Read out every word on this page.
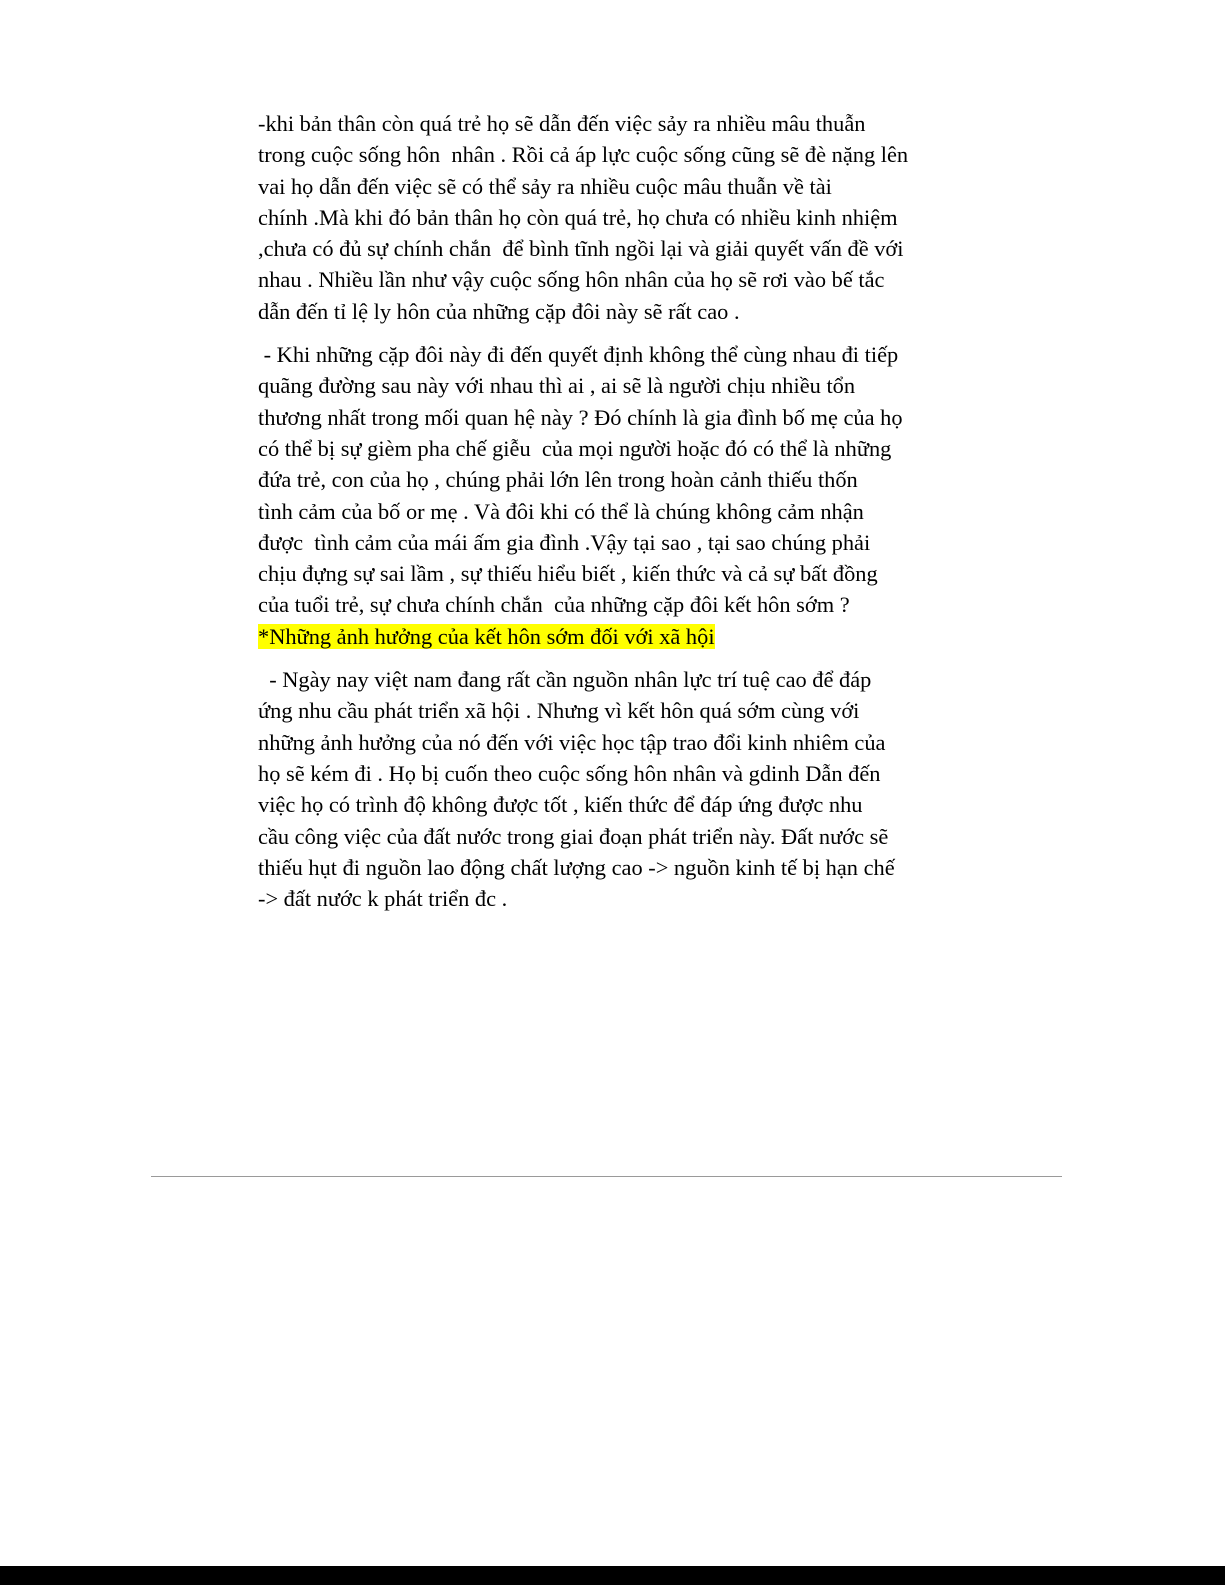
-khi bản thân còn quá trẻ họ sẽ dẫn đến việc sảy ra nhiều mâu thuẫn
trong cuộc sống hôn  nhân . Rồi cả áp lực cuộc sống cũng sẽ đè nặng lên
vai họ dẫn đến việc sẽ có thể sảy ra nhiều cuộc mâu thuẫn về tài
chính .Mà khi đó bản thân họ còn quá trẻ, họ chưa có nhiều kinh nhiệm
,chưa có đủ sự chính chắn  để bình tĩnh ngồi lại và giải quyết vấn đề với
nhau . Nhiều lần như vậy cuộc sống hôn nhân của họ sẽ rơi vào bế tắc
dẫn đến tỉ lệ ly hôn của những cặp đôi này sẽ rất cao .
- Khi những cặp đôi này đi đến quyết định không thể cùng nhau đi tiếp
quãng đường sau này với nhau thì ai , ai sẽ là người chịu nhiều tổn
thương nhất trong mối quan hệ này ? Đó chính là gia đình bố mẹ của họ
có thể bị sự gièm pha chế giễu  của mọi người hoặc đó có thể là những
đứa trẻ, con của họ , chúng phải lớn lên trong hoàn cảnh thiếu thốn
tình cảm của bố or mẹ . Và đôi khi có thể là chúng không cảm nhận
được  tình cảm của mái ấm gia đình .Vậy tại sao , tại sao chúng phải
chịu đựng sự sai lầm , sự thiếu hiểu biết , kiến thức và cả sự bất đồng
của tuổi trẻ, sự chưa chính chắn  của những cặp đôi kết hôn sớm ?
*Những ảnh hưởng của kết hôn sớm đối với xã hội
- Ngày nay việt nam đang rất cần nguồn nhân lực trí tuệ cao để đáp
ứng nhu cầu phát triển xã hội . Nhưng vì kết hôn quá sớm cùng với
những ảnh hưởng của nó đến với việc học tập trao đổi kinh nhiêm của
họ sẽ kém đi . Họ bị cuốn theo cuộc sống hôn nhân và gdinh Dẫn đến
việc họ có trình độ không được tốt , kiến thức để đáp ứng được nhu
cầu công việc của đất nước trong giai đoạn phát triển này. Đất nước sẽ
thiếu hụt đi nguồn lao động chất lượng cao -> nguồn kinh tế bị hạn chế
-> đất nước k phát triển đc .
